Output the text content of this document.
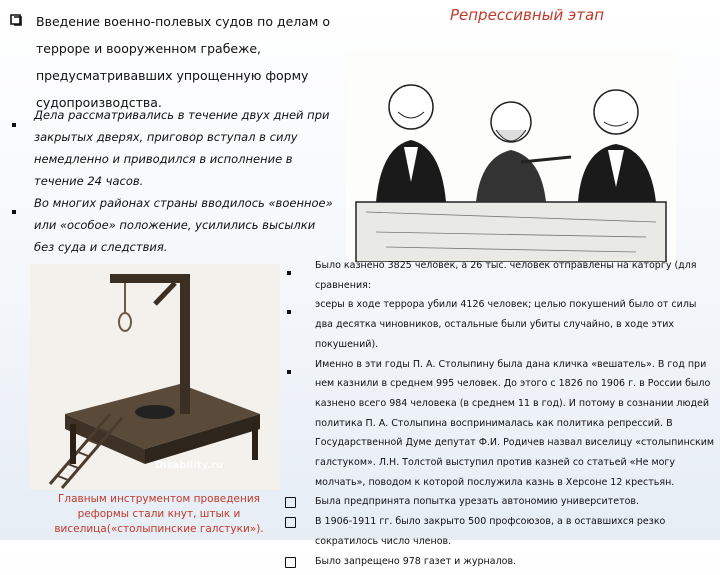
Репрессивный этап
Введение военно-полевых судов по делам о терроре и вооруженном грабеже, предусматривавших упрощенную форму судопроизводства.
Дела рассматривались в течение двух дней при закрытых дверях, приговор вступал в силу немедленно и приводился в исполнение в течение 24 часов.
Во многих районах страны вводилось «военное» или «особое» положение, усилились высылки без суда и следствия.
Disability.ru
Главным инструментом проведения реформы стали кнут, штык и виселица(«столыпинские галстуки»).
Было казнено 3825 человек, а 26 тыс. человек отправлены на каторгу (для сравнения:
эсеры в ходе террора убили 4126 человек; целью покушений было от силы два десятка чиновников, остальные были убиты случайно, в ходе этих покушений).
Именно в эти годы П. А. Столыпину была дана кличка «вешатель». В год при нем казнили в среднем 995 человек. До этого с 1826 по 1906 г. в России было казнено всего 984 человека (в среднем 11 в год). И потому в сознании людей политика П. А. Столыпина воспринималась как политика репрессий. В Государственной Думе депутат Ф.И. Родичев назвал виселицу «столыпинским галстуком». Л.Н. Толстой выступил против казней со статьей «Не могу молчать», поводом к которой послужила казнь в Херсоне 12 крестьян.
Была предпринята попытка урезать автономию университетов.
В 1906-1911 гг. было закрыто 500 профсоюзов, а в оставшихся резко сократилось число членов.
Было запрещено 978 газет и журналов.
